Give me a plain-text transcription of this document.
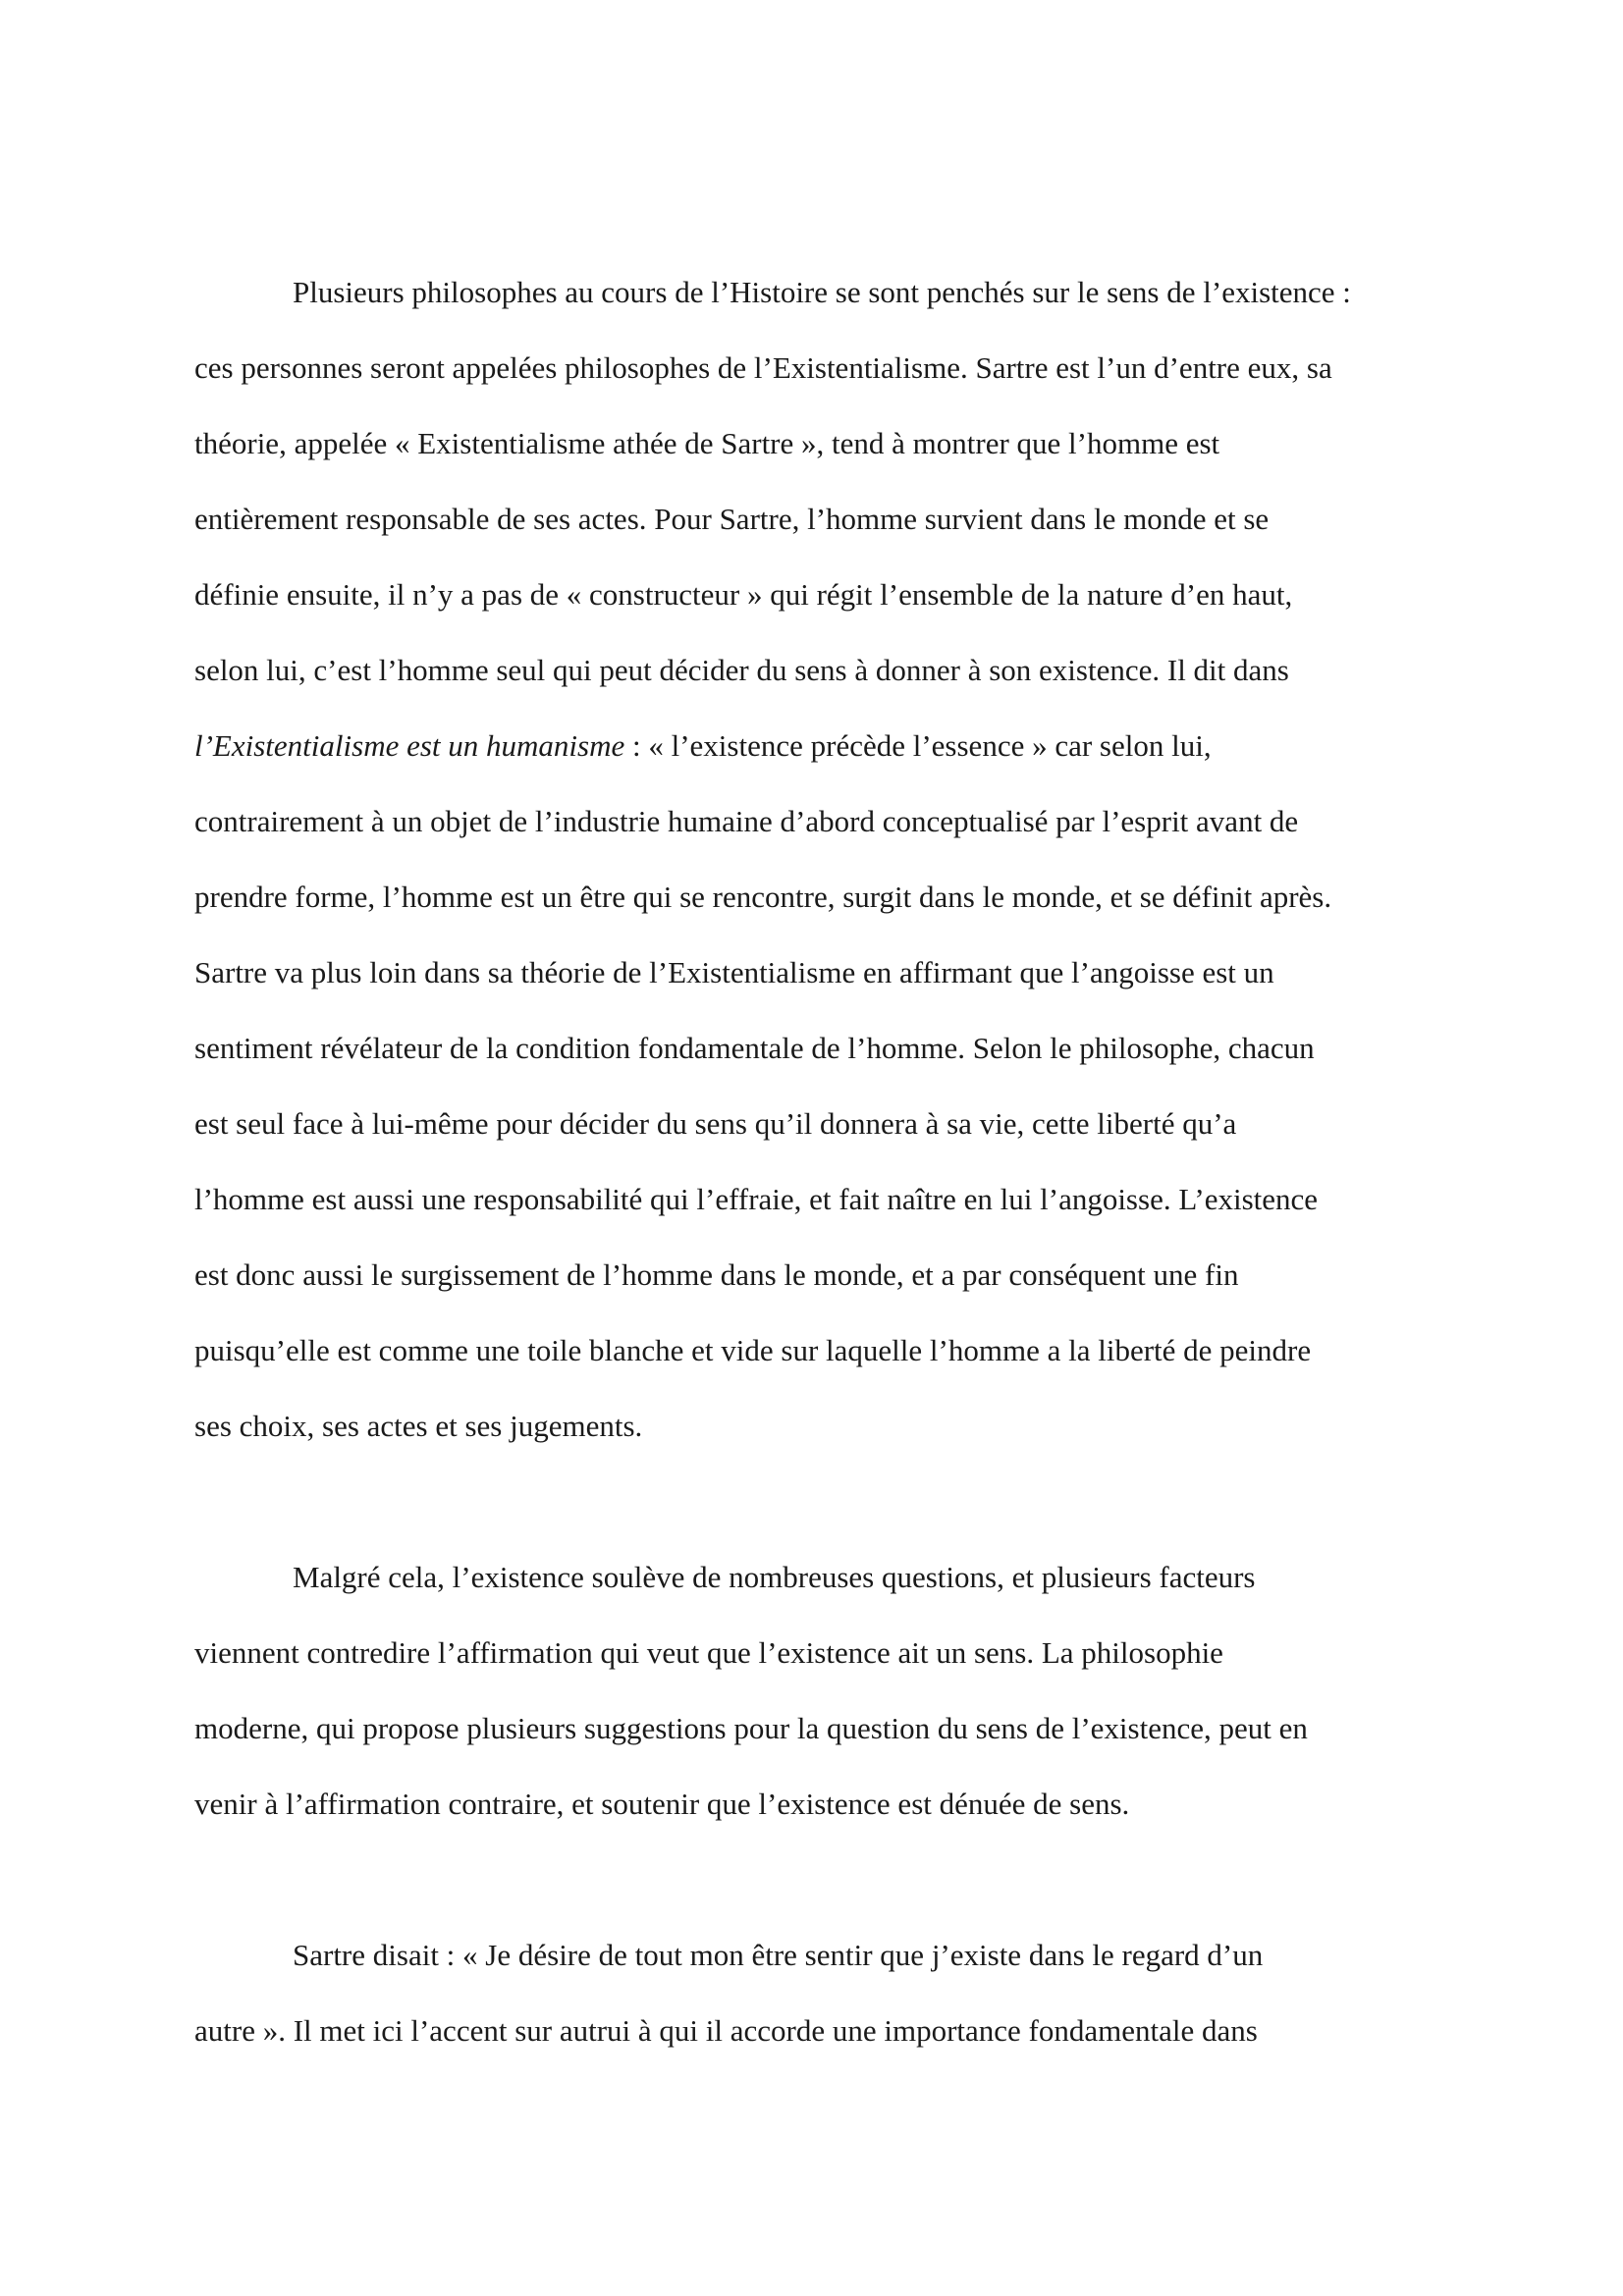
Plusieurs philosophes au cours de l’Histoire se sont penchés sur le sens de l’existence :
ces personnes seront appelées philosophes de l’Existentialisme. Sartre est l’un d’entre eux, sa
théorie, appelée « Existentialisme athée de Sartre », tend à montrer que l’homme est
entièrement responsable de ses actes. Pour Sartre, l’homme survient dans le monde et se
définie ensuite, il n’y a pas de « constructeur » qui régit l’ensemble de la nature d’en haut,
selon lui, c’est l’homme seul qui peut décider du sens à donner à son existence. Il dit dans
l’Existentialisme est un humanisme : « l’existence précède l’essence » car selon lui,
contrairement à un objet de l’industrie humaine d’abord conceptualisé par l’esprit avant de
prendre forme, l’homme est un être qui se rencontre, surgit dans le monde, et se définit après.
Sartre va plus loin dans sa théorie de l’Existentialisme en affirmant que l’angoisse est un
sentiment révélateur de la condition fondamentale de l’homme. Selon le philosophe, chacun
est seul face à lui-même pour décider du sens qu’il donnera à sa vie, cette liberté qu’a
l’homme est aussi une responsabilité qui l’effraie, et fait naître en lui l’angoisse. L’existence
est donc aussi le surgissement de l’homme dans le monde, et a par conséquent une fin
puisqu’elle est comme une toile blanche et vide sur laquelle l’homme a la liberté de peindre
ses choix, ses actes et ses jugements.
Malgré cela, l’existence soulève de nombreuses questions, et plusieurs facteurs
viennent contredire l’affirmation qui veut que l’existence ait un sens. La philosophie
moderne, qui propose plusieurs suggestions pour la question du sens de l’existence, peut en
venir à l’affirmation contraire, et soutenir que l’existence est dénuée de sens.
Sartre disait : « Je désire de tout mon être sentir que j’existe dans le regard d’un
autre ». Il met ici l’accent sur autrui à qui il accorde une importance fondamentale dans
